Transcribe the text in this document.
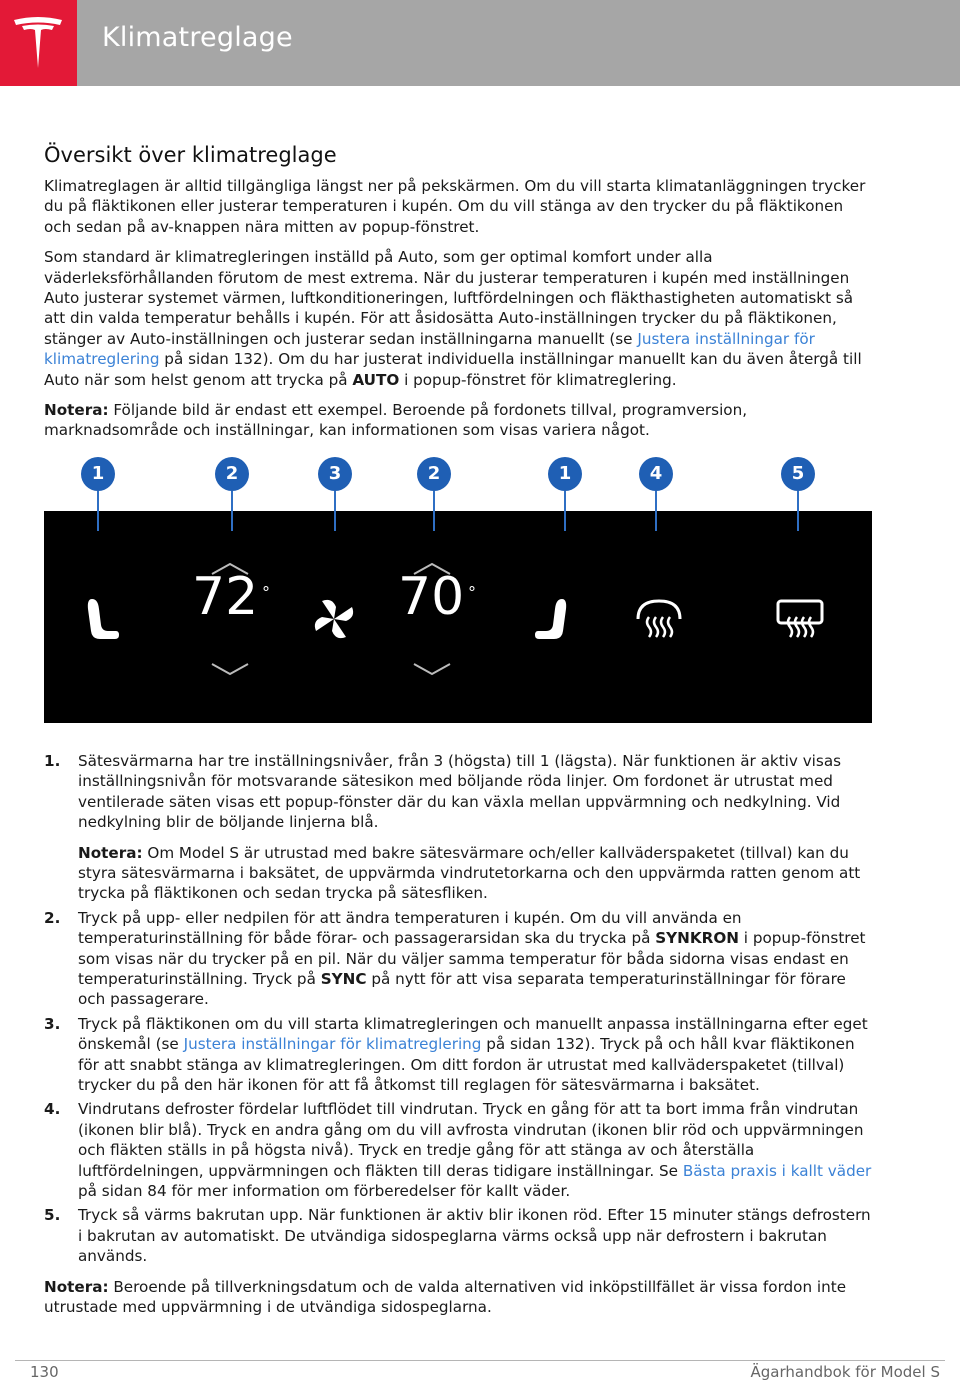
Klimatreglage
Översikt över klimatreglage

Klimatreglagen är alltid tillgängliga längst ner på pekskärmen. Om du vill starta klimatanläggningen trycker du på fläktikonen eller justerar temperaturen i kupén. Om du vill stänga av den trycker du på fläktikonen och sedan på av-knappen nära mitten av popup-fönstret.

Som standard är klimatregleringen inställd på Auto, som ger optimal komfort under alla väderleksförhållanden förutom de mest extrema. När du justerar temperaturen i kupén med inställningen Auto justerar systemet värmen, luftkonditioneringen, luftfördelningen och fläkthastigheten automatiskt så att din valda temperatur behålls i kupén. För att åsidosätta Auto-inställningen trycker du på fläktikonen, stänger av Auto-inställningen och justerar sedan inställningarna manuellt (se Justera inställningar för klimatreglering på sidan 132). Om du har justerat individuella inställningar manuellt kan du även återgå till Auto när som helst genom att trycka på AUTO i popup-fönstret för klimatreglering.

Notera: Följande bild är endast ett exempel. Beroende på fordonets tillval, programversion, marknadsområde och inställningar, kan informationen som visas variera något.

1	2	3	2	1	4	5
72 ° 70 °
1. Sätesvärmarna har tre inställningsnivåer, från 3 (högsta) till 1 (lägsta). När funktionen är aktiv visas inställningsnivån för motsvarande sätesikon med böljande röda linjer. Om fordonet är utrustat med ventilerade säten visas ett popup-fönster där du kan växla mellan uppvärmning och nedkylning. Vid nedkylning blir de böljande linjerna blå.
Notera: Om Model S är utrustad med bakre sätesvärmare och/eller kallväderspaketet (tillval) kan du styra sätesvärmarna i baksätet, de uppvärmda vindrutetorkarna och den uppvärmda ratten genom att trycka på fläktikonen och sedan trycka på sätesfliken.
2. Tryck på upp- eller nedpilen för att ändra temperaturen i kupén. Om du vill använda en temperaturinställning för både förar- och passagerarsidan ska du trycka på SYNKRON i popup-fönstret som visas när du trycker på en pil. När du väljer samma temperatur för båda sidorna visas endast en temperaturinställning. Tryck på SYNC på nytt för att visa separata temperaturinställningar för förare och passagerare.
3. Tryck på fläktikonen om du vill starta klimatregleringen och manuellt anpassa inställningarna efter eget önskemål (se Justera inställningar för klimatreglering på sidan 132). Tryck på och håll kvar fläktikonen för att snabbt stänga av klimatregleringen. Om ditt fordon är utrustat med kallväderspaketet (tillval) trycker du på den här ikonen för att få åtkomst till reglagen för sätesvärmarna i baksätet.
4. Vindrutans defroster fördelar luftflödet till vindrutan. Tryck en gång för att ta bort imma från vindrutan (ikonen blir blå). Tryck en andra gång om du vill avfrosta vindrutan (ikonen blir röd och uppvärmningen och fläkten ställs in på högsta nivå). Tryck en tredje gång för att stänga av och återställa luftfördelningen, uppvärmningen och fläkten till deras tidigare inställningar. Se Bästa praxis i kallt väder på sidan 84 för mer information om förberedelser för kallt väder.
5. Tryck så värms bakrutan upp. När funktionen är aktiv blir ikonen röd. Efter 15 minuter stängs defrostern i bakrutan av automatiskt. De utvändiga sidospeglarna värms också upp när defrostern i bakrutan används.

Notera: Beroende på tillverkningsdatum och de valda alternativen vid inköpstillfället är vissa fordon inte utrustade med uppvärmning i de utvändiga sidospeglarna.

130	Ägarhandbok för Model S
